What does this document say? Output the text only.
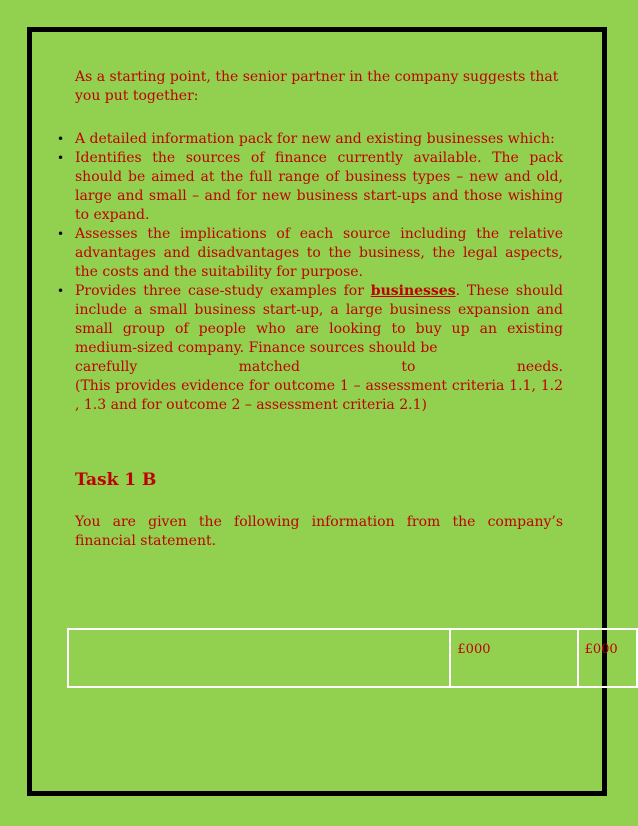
As a starting point, the senior partner in the company suggests that you put together:

• A detailed information pack for new and existing businesses which:
• Identifies the sources of finance currently available. The pack should be aimed at the full range of business types – new and old, large and small – and for new business start-ups and those wishing to expand.
• Assesses the implications of each source including the relative advantages and disadvantages to the business, the legal aspects, the costs and the suitability for purpose.
• Provides three case-study examples for businesses. These should include a small business start-up, a large business expansion and small group of people who are looking to buy up an existing medium-sized company. Finance sources should be
carefully matched to needs.
(This provides evidence for outcome 1 – assessment criteria 1.1, 1.2 , 1.3 and for outcome 2 – assessment criteria 2.1)

Task 1 B

You are given the following information from the company’s financial statement.

	£000	£000
